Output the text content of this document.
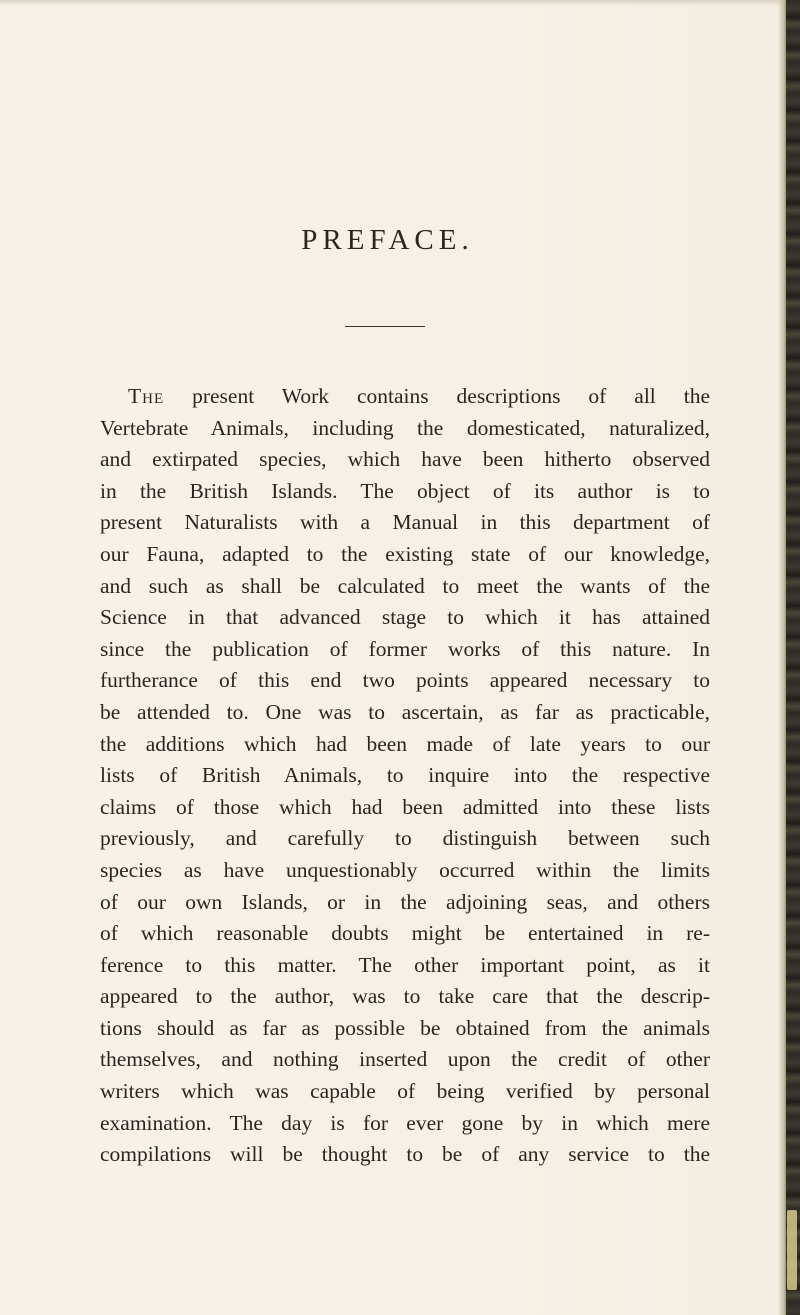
PREFACE.
The present Work contains descriptions of all the
Vertebrate Animals, including the domesticated, naturalized,
and extirpated species, which have been hitherto observed
in the British Islands. The object of its author is to
present Naturalists with a Manual in this department of
our Fauna, adapted to the existing state of our knowledge,
and such as shall be calculated to meet the wants of the
Science in that advanced stage to which it has attained
since the publication of former works of this nature. In
furtherance of this end two points appeared necessary to
be attended to. One was to ascertain, as far as practicable,
the additions which had been made of late years to our
lists of British Animals, to inquire into the respective
claims of those which had been admitted into these lists
previously, and carefully to distinguish between such
species as have unquestionably occurred within the limits
of our own Islands, or in the adjoining seas, and others
of which reasonable doubts might be entertained in re-
ference to this matter. The other important point, as it
appeared to the author, was to take care that the descrip-
tions should as far as possible be obtained from the animals
themselves, and nothing inserted upon the credit of other
writers which was capable of being verified by personal
examination. The day is for ever gone by in which mere
compilations will be thought to be of any service to the
